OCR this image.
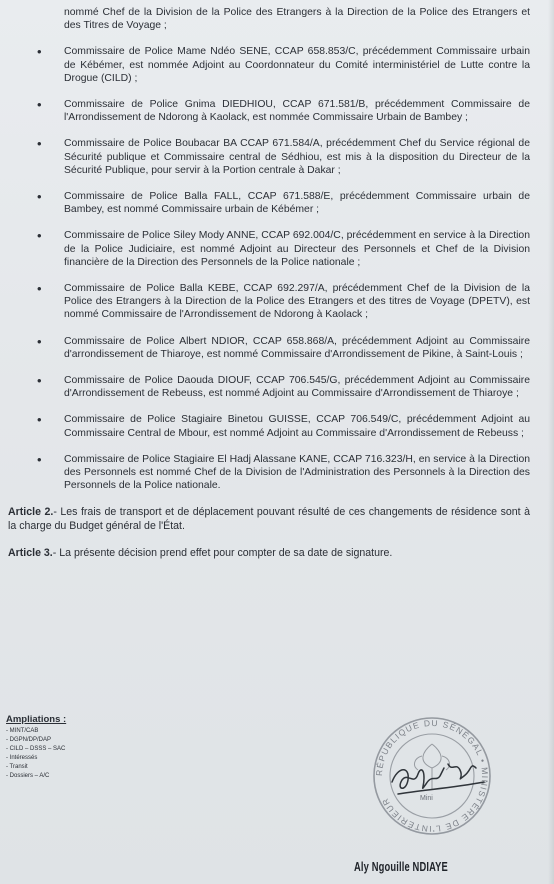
nommé Chef de la Division de la Police des Etrangers à la Direction de la Police des Etrangers et des Titres de Voyage ;

• Commissaire de Police Mame Ndéo SENE, CCAP 658.853/C, précédemment Commissaire urbain de Kébémer, est nommée Adjoint au Coordonnateur du Comité interministériel de Lutte contre la Drogue (CILD) ;

• Commissaire de Police Gnima DIEDHIOU, CCAP 671.581/B, précédemment Commissaire de l'Arrondissement de Ndorong à Kaolack, est nommée Commissaire Urbain de Bambey ;

• Commissaire de Police Boubacar BA CCAP 671.584/A, précédemment Chef du Service régional de Sécurité publique et Commissaire central de Sédhiou, est mis à la disposition du Directeur de la Sécurité Publique, pour servir à la Portion centrale à Dakar ;

• Commissaire de Police Balla FALL, CCAP 671.588/E, précédemment Commissaire urbain de Bambey, est nommé Commissaire urbain de Kébémer ;

• Commissaire de Police Siley Mody ANNE, CCAP 692.004/C, précédemment en service à la Direction de la Police Judiciaire, est nommé Adjoint au Directeur des Personnels et Chef de la Division financière de la Direction des Personnels de la Police nationale ;

• Commissaire de Police Balla KEBE, CCAP 692.297/A, précédemment Chef de la Division de la Police des Etrangers à la Direction de la Police des Etrangers et des titres de Voyage (DPETV), est nommé Commissaire de l'Arrondissement de Ndorong à Kaolack ;

• Commissaire de Police Albert NDIOR, CCAP 658.868/A, précédemment Adjoint au Commissaire d'arrondissement de Thiaroye, est nommé Commissaire d'Arrondissement de Pikine, à Saint-Louis ;

• Commissaire de Police Daouda DIOUF, CCAP 706.545/G, précédemment Adjoint au Commissaire d'Arrondissement de Rebeuss, est nommé Adjoint au Commissaire d'Arrondissement de Thiaroye ;

• Commissaire de Police Stagiaire Binetou GUISSE, CCAP 706.549/C, précédemment Adjoint au Commissaire Central de Mbour, est nommé Adjoint au Commissaire d'Arrondissement de Rebeuss ;

• Commissaire de Police Stagiaire El Hadj Alassane KANE, CCAP 716.323/H, en service à la Direction des Personnels est nommé Chef de la Division de l'Administration des Personnels à la Direction des Personnels de la Police nationale.

Article 2.- Les frais de transport et de déplacement pouvant résulté de ces changements de résidence sont à la charge du Budget général de l'État.

Article 3.- La présente décision prend effet pour compter de sa date de signature.

Ampliations :
- MINT/CAB
- DGPN/DP/DAP
- CILD – DSSS – SAC
- Intéressés
- Transit
- Dossiers – A/C	RÉPUBLIQUE DU SÉNÉGAL • MINISTÈRE DE L'INTÉRIEUR	Mini
Aly Ngouille NDIAYE
